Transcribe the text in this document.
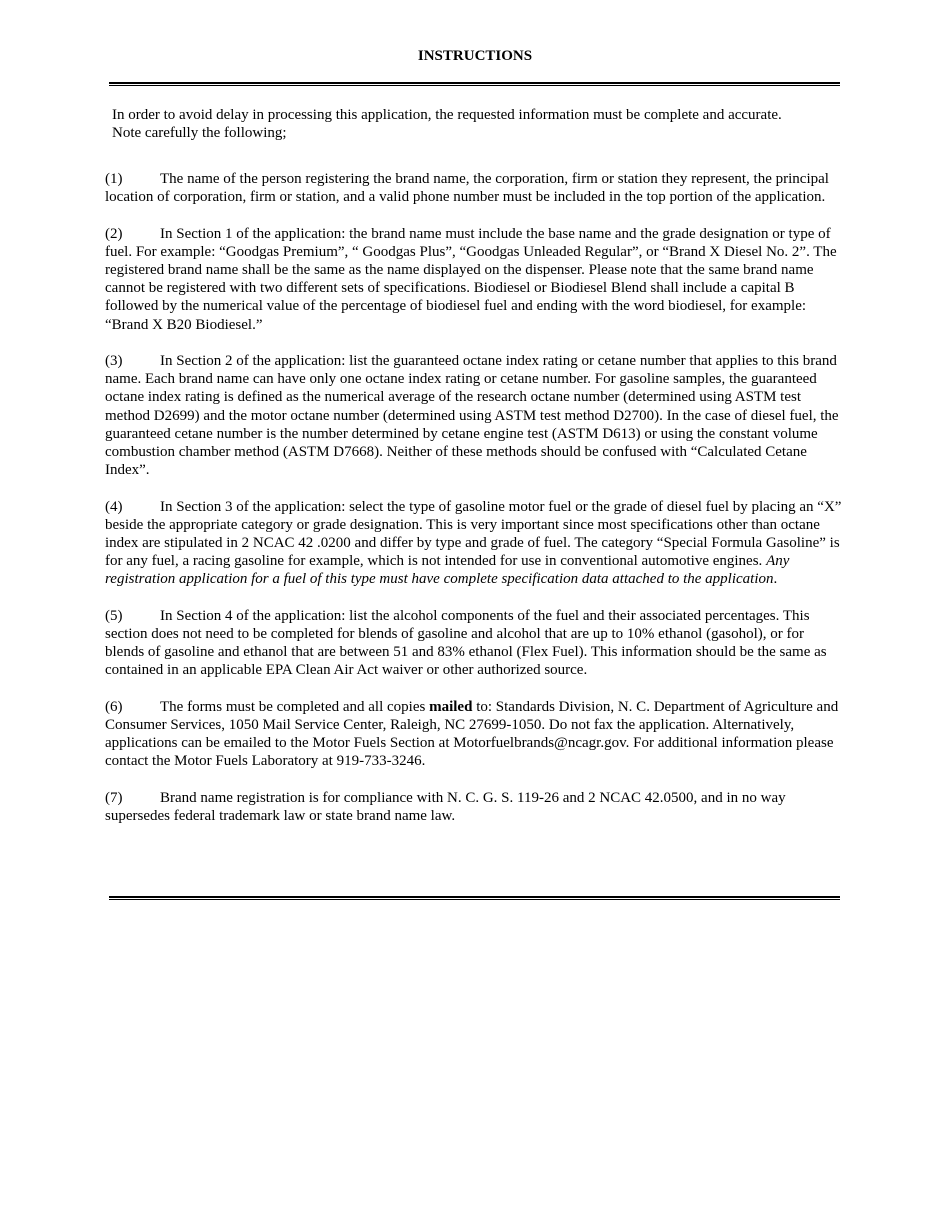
INSTRUCTIONS
In order to avoid delay in processing this application, the requested information must be complete and accurate.
Note carefully the following;

(1)	The name of the person registering the brand name, the corporation, firm or station they represent, the principal location of corporation, firm or station, and a valid phone number must be included in the top portion of the application.

(2)	In Section 1 of the application: the brand name must include the base name and the grade designation or type of fuel. For example: “Goodgas Premium”, “ Goodgas Plus”, “Goodgas Unleaded Regular”, or “Brand X Diesel No. 2”. The registered brand name shall be the same as the name displayed on the dispenser. Please note that the same brand name cannot be registered with two different sets of specifications. Biodiesel or Biodiesel Blend shall include a capital B followed by the numerical value of the percentage of biodiesel fuel and ending with the word biodiesel, for example: “Brand X B20 Biodiesel.”

(3)	In Section 2 of the application: list the guaranteed octane index rating or cetane number that applies to this brand name. Each brand name can have only one octane index rating or cetane number. For gasoline samples, the guaranteed octane index rating is defined as the numerical average of the research octane number (determined using ASTM test method D2699) and the motor octane number (determined using ASTM test method D2700). In the case of diesel fuel, the guaranteed cetane number is the number determined by cetane engine test (ASTM D613) or using the constant volume combustion chamber method (ASTM D7668). Neither of these methods should be confused with “Calculated Cetane Index”.

(4)	In Section 3 of the application: select the type of gasoline motor fuel or the grade of diesel fuel by placing an “X” beside the appropriate category or grade designation. This is very important since most specifications other than octane index are stipulated in 2 NCAC 42 .0200 and differ by type and grade of fuel. The category “Special Formula Gasoline” is for any fuel, a racing gasoline for example, which is not intended for use in conventional automotive engines. Any registration application for a fuel of this type must have complete specification data attached to the application.

(5)	In Section 4 of the application: list the alcohol components of the fuel and their associated percentages. This section does not need to be completed for blends of gasoline and alcohol that are up to 10% ethanol (gasohol), or for blends of gasoline and ethanol that are between 51 and 83% ethanol (Flex Fuel). This information should be the same as contained in an applicable EPA Clean Air Act waiver or other authorized source.

(6)	The forms must be completed and all copies mailed to: Standards Division, N. C. Department of Agriculture and Consumer Services, 1050 Mail Service Center, Raleigh, NC 27699-1050. Do not fax the application. Alternatively, applications can be emailed to the Motor Fuels Section at Motorfuelbrands@ncagr.gov. For additional information please contact the Motor Fuels Laboratory at 919-733-3246.

(7)	Brand name registration is for compliance with N. C. G. S. 119-26 and 2 NCAC 42.0500, and in no way supersedes federal trademark law or state brand name law.
